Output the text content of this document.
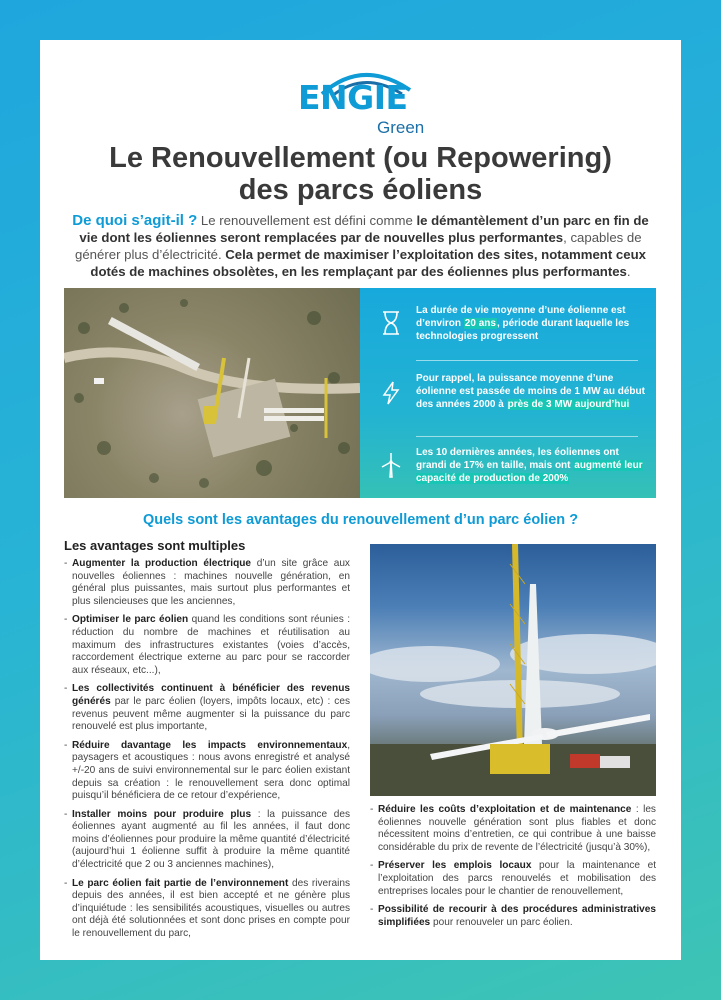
ENGIE
Green
Le Renouvellement (ou Repowering)
des parcs éoliens
De quoi s’agit-il ? Le renouvellement est défini comme le démantèlement d’un parc en fin de vie dont les éoliennes seront remplacées par de nouvelles plus performantes, capables de générer plus d’électricité. Cela permet de maximiser l’exploitation des sites, notamment ceux dotés de machines obsolètes, en les remplaçant par des éoliennes plus performantes.
La durée de vie moyenne d’une éolienne est d’environ 20 ans, période durant laquelle les technologies progressent
Pour rappel, la puissance moyenne d’une éolienne est passée de moins de 1 MW au début des années 2000 à près de 3 MW aujourd’hui
Les 10 dernières années, les éoliennes ont grandi de 17% en taille, mais ont augmenté leur capacité de production de 200%
Quels sont les avantages du renouvellement d’un parc éolien ?
Les avantages sont multiples
- Augmenter la production électrique d’un site grâce aux nouvelles éoliennes : machines nouvelle génération, en général plus puissantes, mais surtout plus performantes et plus silencieuses que les anciennes,
- Optimiser le parc éolien quand les conditions sont réunies : réduction du nombre de machines et réutilisation au maximum des infrastructures existantes (voies d’accès, raccordement électrique externe au parc pour se raccorder aux réseaux, etc...),
- Les collectivités continuent à bénéficier des revenus générés par le parc éolien (loyers, impôts locaux, etc) : ces revenus peuvent même augmenter si la puissance du parc renouvelé est plus importante,
- Réduire davantage les impacts environnementaux, paysagers et acoustiques : nous avons enregistré et analysé +/-20 ans de suivi environnemental sur le parc éolien existant depuis sa création : le renouvellement sera donc optimal puisqu’il bénéficiera de ce retour d’expérience,
- Installer moins pour produire plus : la puissance des éoliennes ayant augmenté au fil les années, il faut donc moins d’éoliennes pour produire la même quantité d’électricité (aujourd’hui 1 éolienne suffit à produire la même quantité d’électricité que 2 ou 3 anciennes machines),
- Le parc éolien fait partie de l’environnement des riverains depuis des années, il est bien accepté et ne génère plus d’inquiétude : les sensibilités acoustiques, visuelles ou autres ont déjà été solutionnées et sont donc prises en compte pour le renouvellement du parc,
- Réduire les coûts d’exploitation et de maintenance : les éoliennes nouvelle génération sont plus fiables et donc nécessitent moins d’entretien, ce qui contribue à une baisse considérable du prix de revente de l’électricité (jusqu’à 30%),
- Préserver les emplois locaux pour la maintenance et l’exploitation des parcs renouvelés et mobilisation des entreprises locales pour le chantier de renouvellement,
- Possibilité de recourir à des procédures administratives simplifiées pour renouveler un parc éolien.
